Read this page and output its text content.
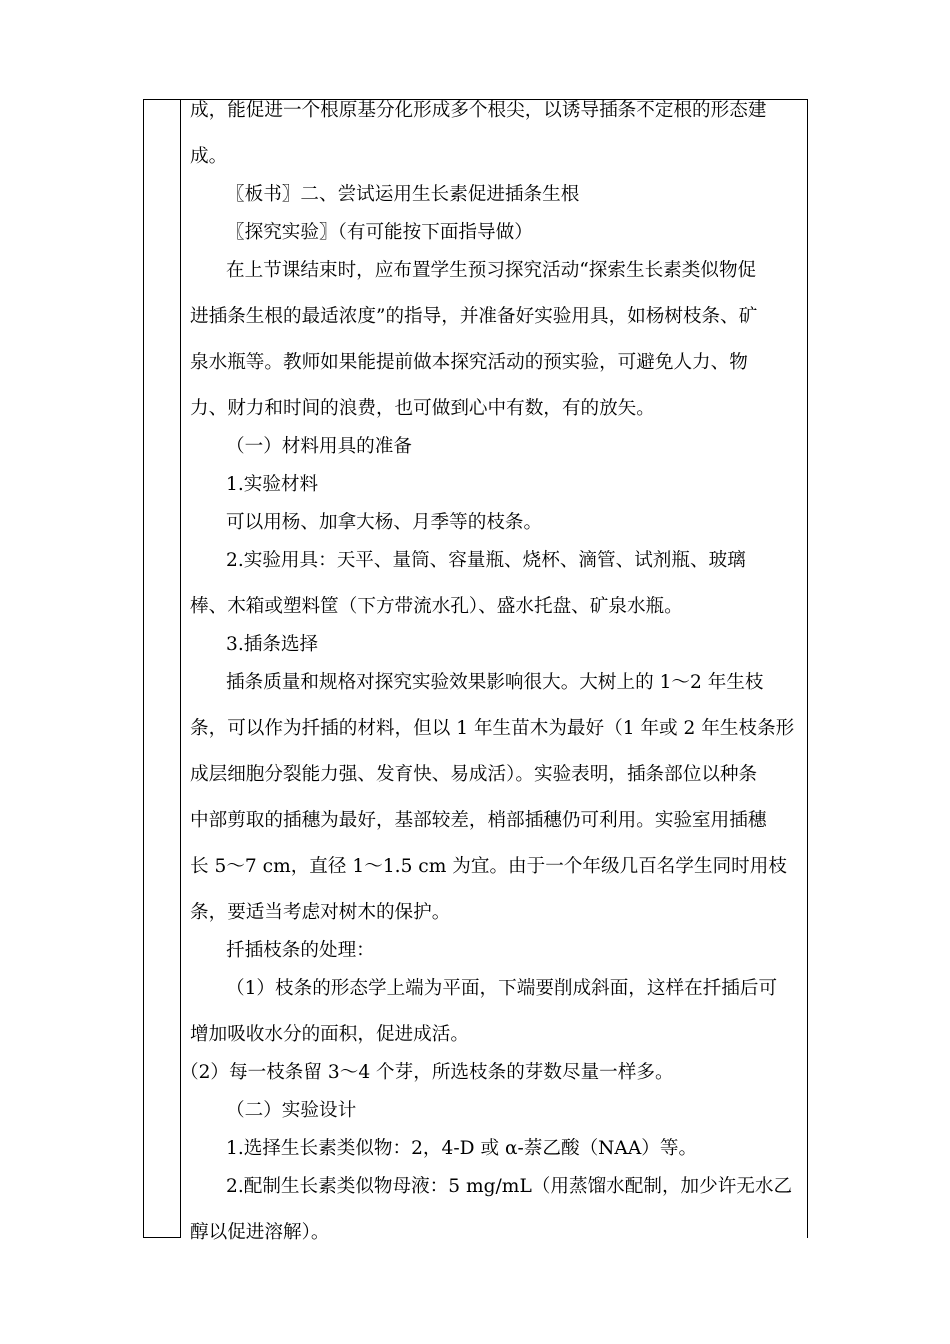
成，能促进一个根原基分化形成多个根尖，以诱导插条不定根的形态建
成。
〖板书〗二、尝试运用生长素促进插条生根
〖探究实验〗（有可能按下面指导做）
在上节课结束时，应布置学生预习探究活动“探索生长素类似物促
进插条生根的最适浓度”的指导，并准备好实验用具，如杨树枝条、矿
泉水瓶等。教师如果能提前做本探究活动的预实验，可避免人力、物
力、财力和时间的浪费，也可做到心中有数，有的放矢。
（一）材料用具的准备
1.实验材料
可以用杨、加拿大杨、月季等的枝条。
2.实验用具：天平、量筒、容量瓶、烧杯、滴管、试剂瓶、玻璃
棒、木箱或塑料筐（下方带流水孔）、盛水托盘、矿泉水瓶。
3.插条选择
插条质量和规格对探究实验效果影响很大。大树上的 1～2 年生枝
条，可以作为扦插的材料，但以 1 年生苗木为最好（1 年或 2 年生枝条形
成层细胞分裂能力强、发育快、易成活）。实验表明，插条部位以种条
中部剪取的插穗为最好，基部较差，梢部插穗仍可利用。实验室用插穗
长 5～7 cm，直径 1～1.5 cm 为宜。由于一个年级几百名学生同时用枝
条，要适当考虑对树木的保护。
扦插枝条的处理：
（1）枝条的形态学上端为平面，下端要削成斜面，这样在扦插后可
增加吸收水分的面积，促进成活。
（2）每一枝条留 3～4 个芽，所选枝条的芽数尽量一样多。
（二）实验设计
1.选择生长素类似物：2，4-D 或 α-萘乙酸（NAA）等。
2.配制生长素类似物母液：5 mg/mL（用蒸馏水配制，加少许无水乙
醇以促进溶解）。
